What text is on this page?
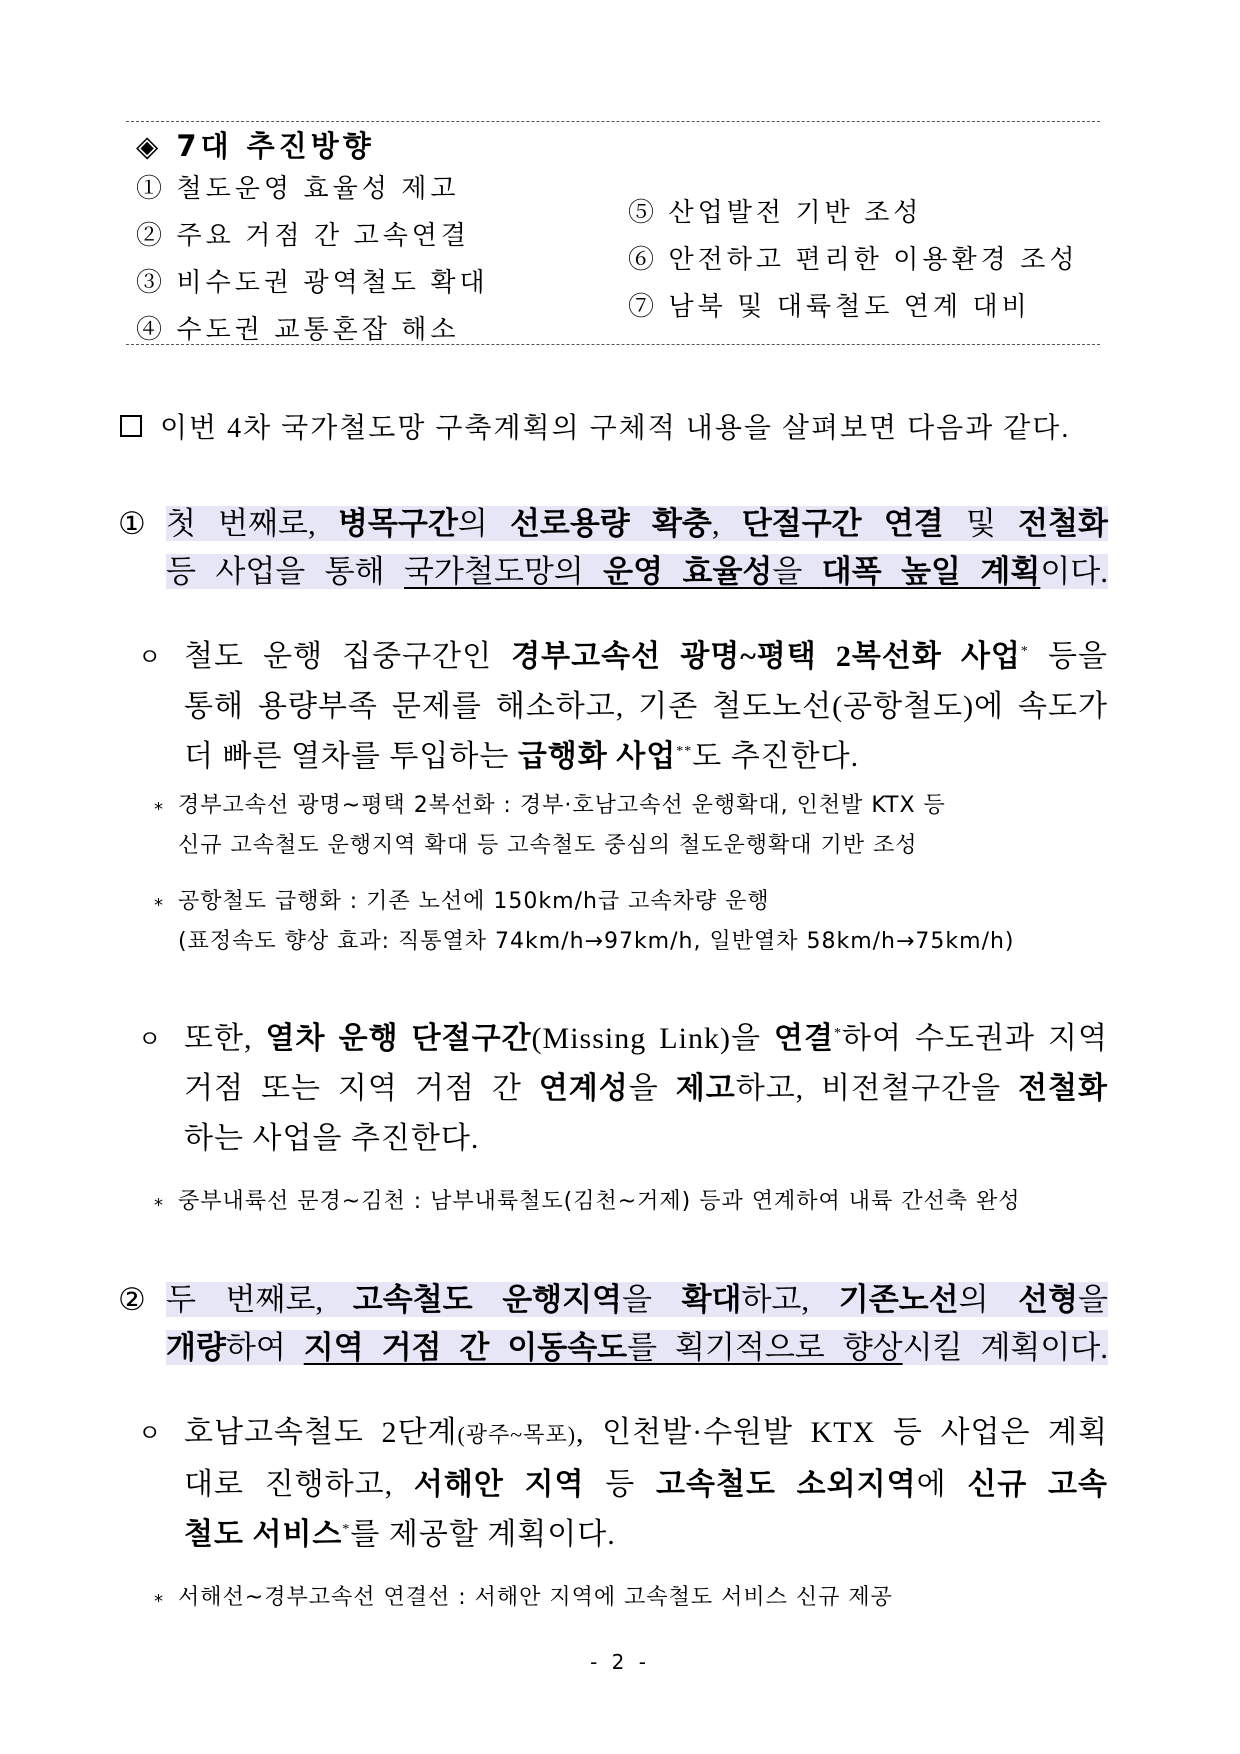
◈ 7대 추진방향
① 철도운영 효율성 제고
② 주요 거점 간 고속연결
③ 비수도권 광역철도 확대
④ 수도권 교통혼잡 해소
⑤ 산업발전 기반 조성
⑥ 안전하고 편리한 이용환경 조성
⑦ 남북 및 대륙철도 연계 대비
이번 4차 국가철도망 구축계획의 구체적 내용을 살펴보면 다음과 같다.
① 첫 번째로, 병목구간의 선로용량 확충, 단절구간 연결 및 전철화
등 사업을 통해 국가철도망의 운영 효율성을 대폭 높일 계획이다.
ㅇ 철도 운행 집중구간인 경부고속선 광명~평택 2복선화 사업* 등을
통해 용량부족 문제를 해소하고, 기존 철도노선(공항철도)에 속도가
더 빠른 열차를 투입하는 급행화 사업**도 추진한다.
* 경부고속선 광명~평택 2복선화 : 경부·호남고속선 운행확대, 인천발 KTX 등
신규 고속철도 운행지역 확대 등 고속철도 중심의 철도운행확대 기반 조성
* 공항철도 급행화 : 기존 노선에 150km/h급 고속차량 운행
(표정속도 향상 효과: 직통열차 74km/h→97km/h, 일반열차 58km/h→75km/h)
ㅇ 또한, 열차 운행 단절구간(Missing Link)을 연결*하여 수도권과 지역
거점 또는 지역 거점 간 연계성을 제고하고, 비전철구간을 전철화
하는 사업을 추진한다.
* 중부내륙선 문경~김천 : 남부내륙철도(김천~거제) 등과 연계하여 내륙 간선축 완성
② 두 번째로, 고속철도 운행지역을 확대하고, 기존노선의 선형을
개량하여 지역 거점 간 이동속도를 획기적으로 향상시킬 계획이다.
ㅇ 호남고속철도 2단계(광주~목포), 인천발·수원발 KTX 등 사업은 계획
대로 진행하고, 서해안 지역 등 고속철도 소외지역에 신규 고속
철도 서비스*를 제공할 계획이다.
* 서해선~경부고속선 연결선 : 서해안 지역에 고속철도 서비스 신규 제공
- 2 -
